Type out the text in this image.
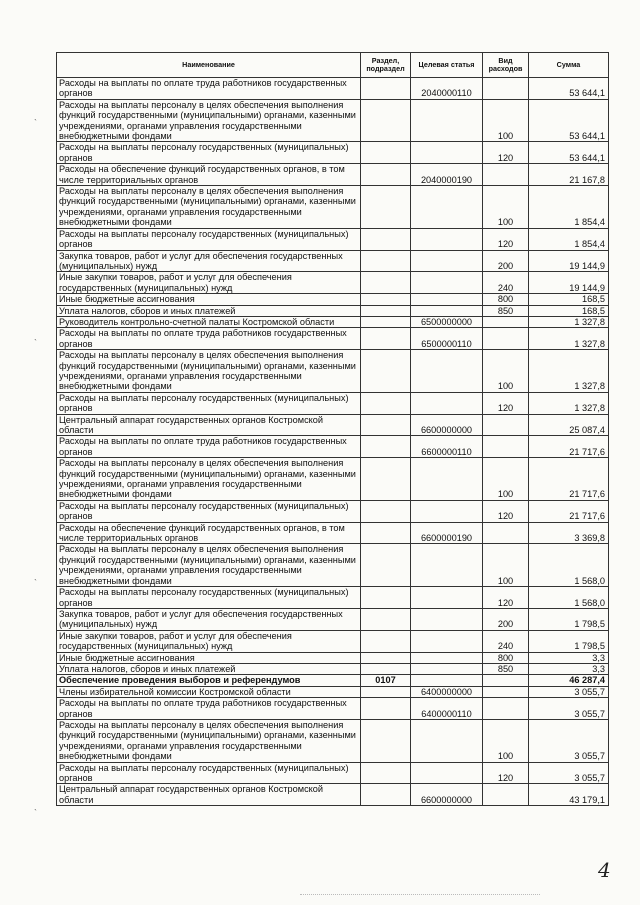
`
`
`
`
Наименование	Раздел, подраздел	Целевая статья	Вид расходов	Сумма
Расходы на выплаты по оплате труда работников государственных органов		2040000110		53 644,1
Расходы на выплаты персоналу в целях обеспечения выполнения функций государственными (муниципальными) органами, казенными учреждениями, органами управления государственными внебюджетными фондами			100	53 644,1
Расходы на выплаты персоналу государственных (муниципальных) органов			120	53 644,1
Расходы на обеспечение функций государственных органов, в том числе территориальных органов		2040000190		21 167,8
Расходы на выплаты персоналу в целях обеспечения выполнения функций государственными (муниципальными) органами, казенными учреждениями, органами управления государственными внебюджетными фондами			100	1 854,4
Расходы на выплаты персоналу государственных (муниципальных) органов			120	1 854,4
Закупка товаров, работ и услуг для обеспечения государственных (муниципальных) нужд			200	19 144,9
Иные закупки товаров, работ и услуг для обеспечения государственных (муниципальных) нужд			240	19 144,9
Иные бюджетные ассигнования			800	168,5
Уплата налогов, сборов и иных платежей			850	168,5
Руководитель контрольно-счетной палаты Костромской области		6500000000		1 327,8
Расходы на выплаты по оплате труда работников государственных органов		6500000110		1 327,8
Расходы на выплаты персоналу в целях обеспечения выполнения функций государственными (муниципальными) органами, казенными учреждениями, органами управления государственными внебюджетными фондами			100	1 327,8
Расходы на выплаты персоналу государственных (муниципальных) органов			120	1 327,8
Центральный аппарат государственных органов Костромской области		6600000000		25 087,4
Расходы на выплаты по оплате труда работников государственных органов		6600000110		21 717,6
Расходы на выплаты персоналу в целях обеспечения выполнения функций государственными (муниципальными) органами, казенными учреждениями, органами управления государственными внебюджетными фондами			100	21 717,6
Расходы на выплаты персоналу государственных (муниципальных) органов			120	21 717,6
Расходы на обеспечение функций государственных органов, в том числе территориальных органов		6600000190		3 369,8
Расходы на выплаты персоналу в целях обеспечения выполнения функций государственными (муниципальными) органами, казенными учреждениями, органами управления государственными внебюджетными фондами			100	1 568,0
Расходы на выплаты персоналу государственных (муниципальных) органов			120	1 568,0
Закупка товаров, работ и услуг для обеспечения государственных (муниципальных) нужд			200	1 798,5
Иные закупки товаров, работ и услуг для обеспечения государственных (муниципальных) нужд			240	1 798,5
Иные бюджетные ассигнования			800	3,3
Уплата налогов, сборов и иных платежей			850	3,3
Обеспечение проведения выборов и референдумов	0107			46 287,4
Члены избирательной комиссии Костромской области		6400000000		3 055,7
Расходы на выплаты по оплате труда работников государственных органов		6400000110		3 055,7
Расходы на выплаты персоналу в целях обеспечения выполнения функций государственными (муниципальными) органами, казенными учреждениями, органами управления государственными внебюджетными фондами			100	3 055,7
Расходы на выплаты персоналу государственных (муниципальных) органов			120	3 055,7
Центральный аппарат государственных органов Костромской области		6600000000		43 179,1
4
